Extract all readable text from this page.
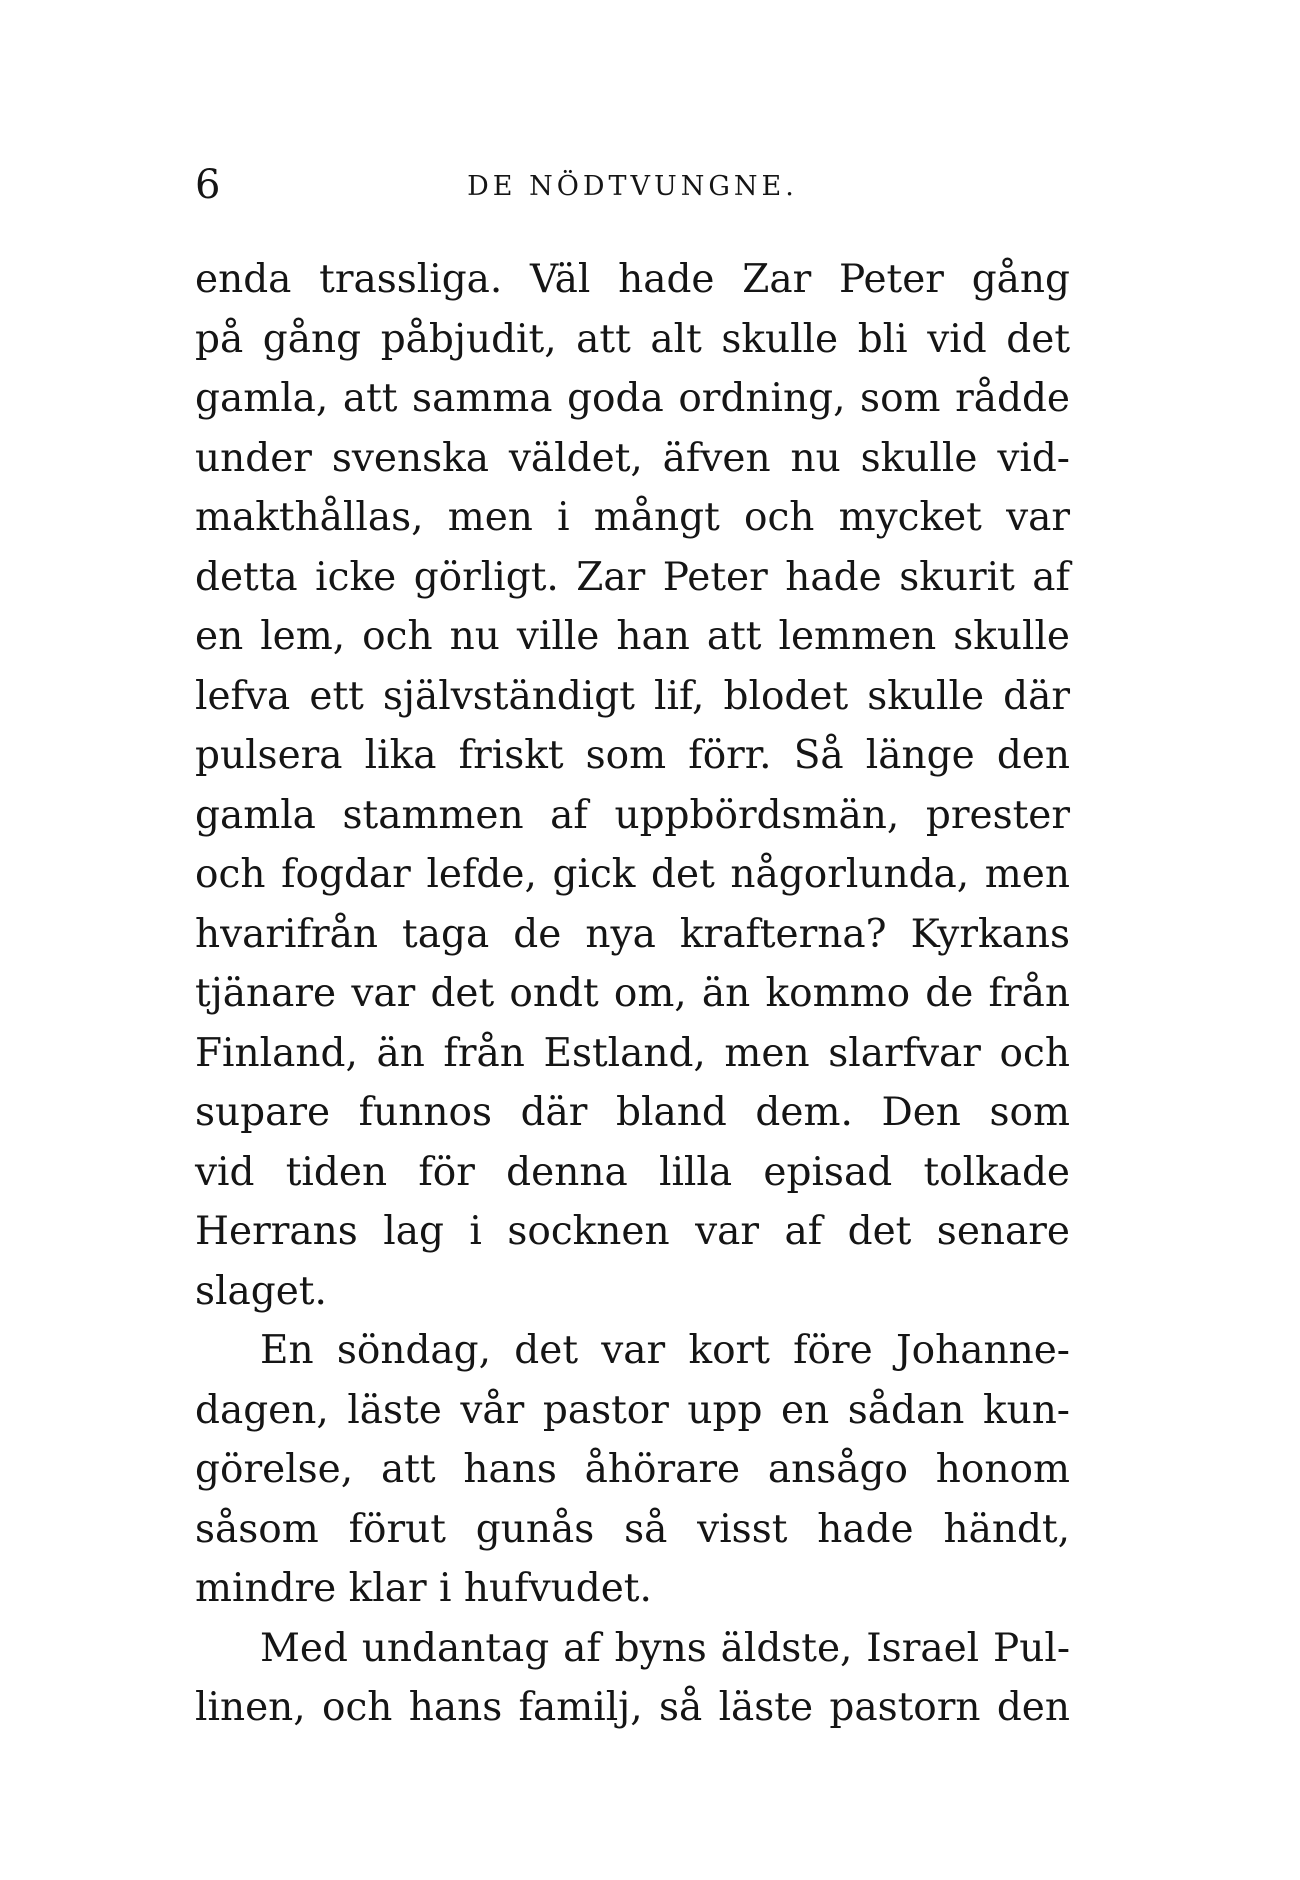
6	DE NÖDTVUNGNE.
enda trassliga. Väl hade Zar Peter gång
på gång påbjudit, att alt skulle bli vid det
gamla, att samma goda ordning, som rådde
under svenska väldet, äfven nu skulle vid-
makthållas, men i mångt och mycket var
detta icke görligt. Zar Peter hade skurit af
en lem, och nu ville han att lemmen skulle
lefva ett självständigt lif, blodet skulle där
pulsera lika friskt som förr. Så länge den
gamla stammen af uppbördsmän, prester
och fogdar lefde, gick det någorlunda, men
hvarifrån taga de nya krafterna? Kyrkans
tjänare var det ondt om, än kommo de från
Finland, än från Estland, men slarfvar och
supare funnos där bland dem. Den som
vid tiden för denna lilla episad tolkade
Herrans lag i socknen var af det senare
slaget.
En söndag, det var kort före Johanne-
dagen, läste vår pastor upp en sådan kun-
görelse, att hans åhörare ansågo honom
såsom förut gunås så visst hade händt,
mindre klar i hufvudet.
Med undantag af byns äldste, Israel Pul-
linen, och hans familj, så läste pastorn den
